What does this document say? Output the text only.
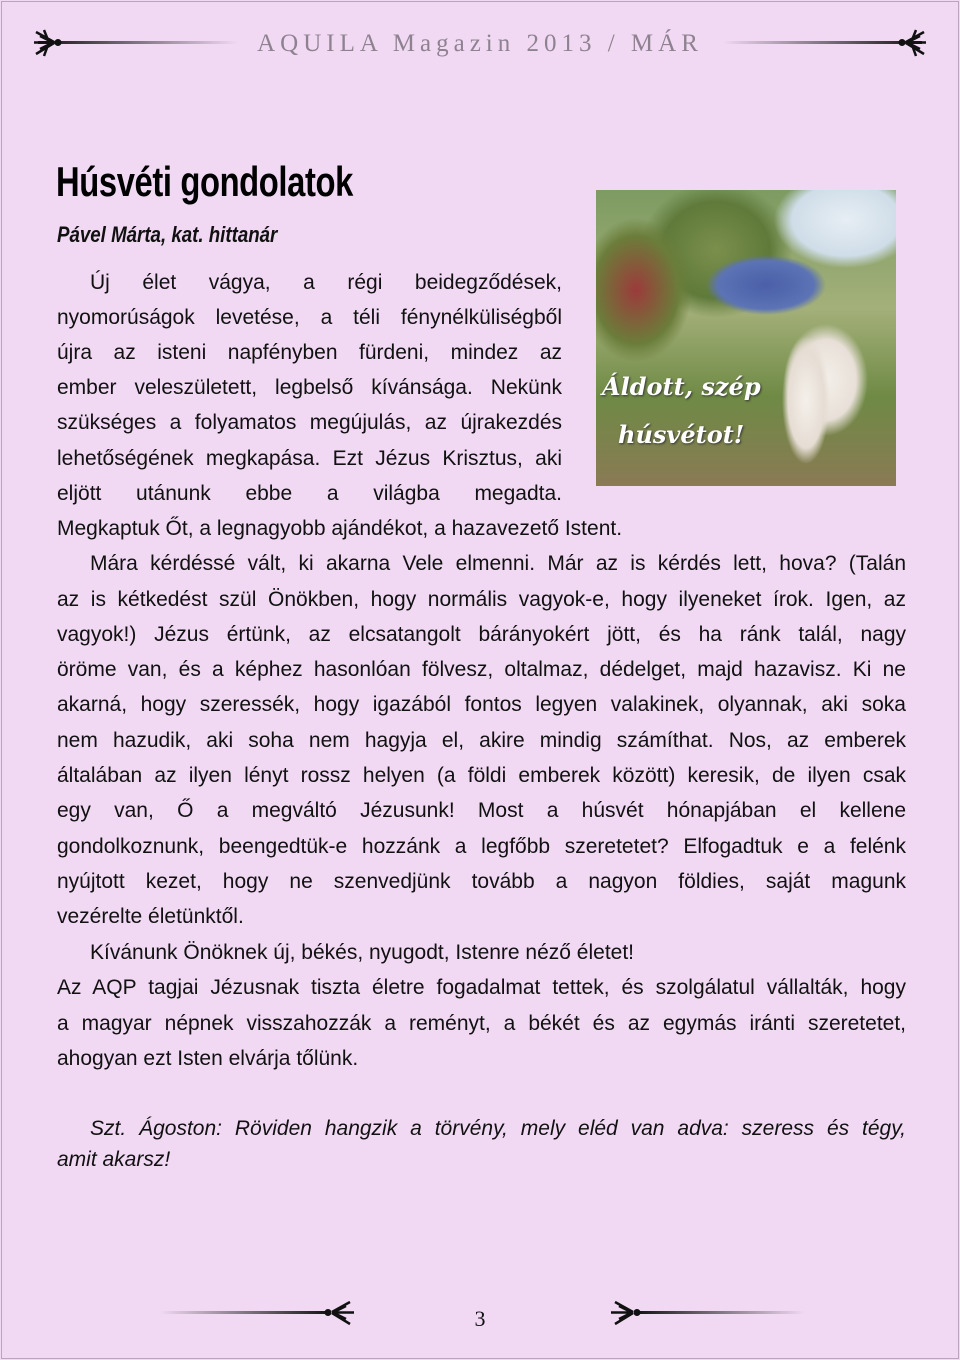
AQUILA Magazin 2013 / MÁR
Húsvéti gondolatok
Pável Márta, kat. hittanár
Áldott, szép
húsvétot!
Új élet vágya, a régi beidegződések,
nyomorúságok levetése, a téli fénynélküliségből
újra az isteni napfényben fürdeni, mindez az
ember veleszületett, legbelső kívánsága. Nekünk
szükséges a folyamatos megújulás, az újrakezdés
lehetőségének megkapása. Ezt Jézus Krisztus, aki
eljött utánunk ebbe a világba megadta.
Megkaptuk Őt, a legnagyobb ajándékot, a hazavezető Istent.
Mára kérdéssé vált, ki akarna Vele elmenni. Már az is kérdés lett, hova? (Talán
az is kétkedést szül Önökben, hogy normális vagyok-e, hogy ilyeneket írok. Igen, az
vagyok!) Jézus értünk, az elcsatangolt bárányokért jött, és ha ránk talál, nagy
öröme van, és a képhez hasonlóan fölvesz, oltalmaz, dédelget, majd hazavisz. Ki ne
akarná, hogy szeressék, hogy igazából fontos legyen valakinek, olyannak, aki soka
nem hazudik, aki soha nem hagyja el, akire mindig számíthat. Nos, az emberek
általában az ilyen lényt rossz helyen (a földi emberek között) keresik, de ilyen csak
egy van, Ő a megváltó Jézusunk! Most a húsvét hónapjában el kellene
gondolkoznunk, beengedtük-e hozzánk a legfőbb szeretetet? Elfogadtuk e a felénk
nyújtott kezet, hogy ne szenvedjünk tovább a nagyon földies, saját magunk
vezérelte életünktől.
Kívánunk Önöknek új, békés, nyugodt, Istenre néző életet!
Az AQP tagjai Jézusnak tiszta életre fogadalmat tettek, és szolgálatul vállalták, hogy
a magyar népnek visszahozzák a reményt, a békét és az egymás iránti szeretetet,
ahogyan ezt Isten elvárja tőlünk.
Szt. Ágoston: Röviden hangzik a törvény, mely eléd van adva: szeress és tégy,
amit akarsz!
3
